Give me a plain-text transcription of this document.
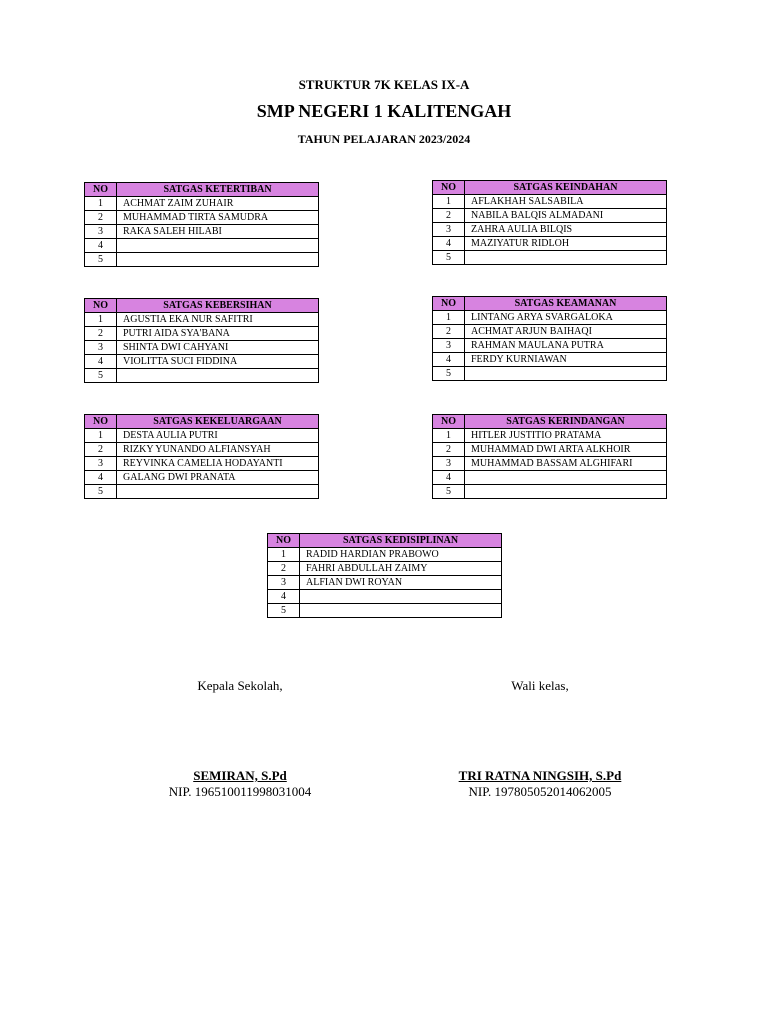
STRUKTUR 7K KELAS IX-A
SMP NEGERI 1 KALITENGAH
TAHUN PELAJARAN 2023/2024
NO	SATGAS KETERTIBAN
1	ACHMAT ZAIM ZUHAIR
2	MUHAMMAD TIRTA SAMUDRA
3	RAKA SALEH HILABI
4	
5	
NO	SATGAS KEINDAHAN
1	AFLAKHAH SALSABILA
2	NABILA BALQIS ALMADANI
3	ZAHRA AULIA BILQIS
4	MAZIYATUR RIDLOH
5	
NO	SATGAS KEBERSIHAN
1	AGUSTIA EKA NUR SAFITRI
2	PUTRI AIDA SYA'BANA
3	SHINTA DWI CAHYANI
4	VIOLITTA SUCI FIDDINA
5	
NO	SATGAS KEAMANAN
1	LINTANG ARYA SVARGALOKA
2	ACHMAT ARJUN BAIHAQI
3	RAHMAN MAULANA PUTRA
4	FERDY KURNIAWAN
5	
NO	SATGAS KEKELUARGAAN
1	DESTA AULIA PUTRI
2	RIZKY YUNANDO ALFIANSYAH
3	REYVINKA CAMELIA HODAYANTI
4	GALANG DWI PRANATA
5	
NO	SATGAS KERINDANGAN
1	HITLER JUSTITIO PRATAMA
2	MUHAMMAD DWI ARTA ALKHOIR
3	MUHAMMAD BASSAM ALGHIFARI
4	
5	
NO	SATGAS KEDISIPLINAN
1	RADID HARDIAN PRABOWO
2	FAHRI ABDULLAH ZAIMY
3	ALFIAN DWI ROYAN
4	
5	
Kepala Sekolah,
SEMIRAN, S.Pd
NIP. 196510011998031004
Wali kelas,
TRI RATNA NINGSIH, S.Pd
NIP. 197805052014062005
